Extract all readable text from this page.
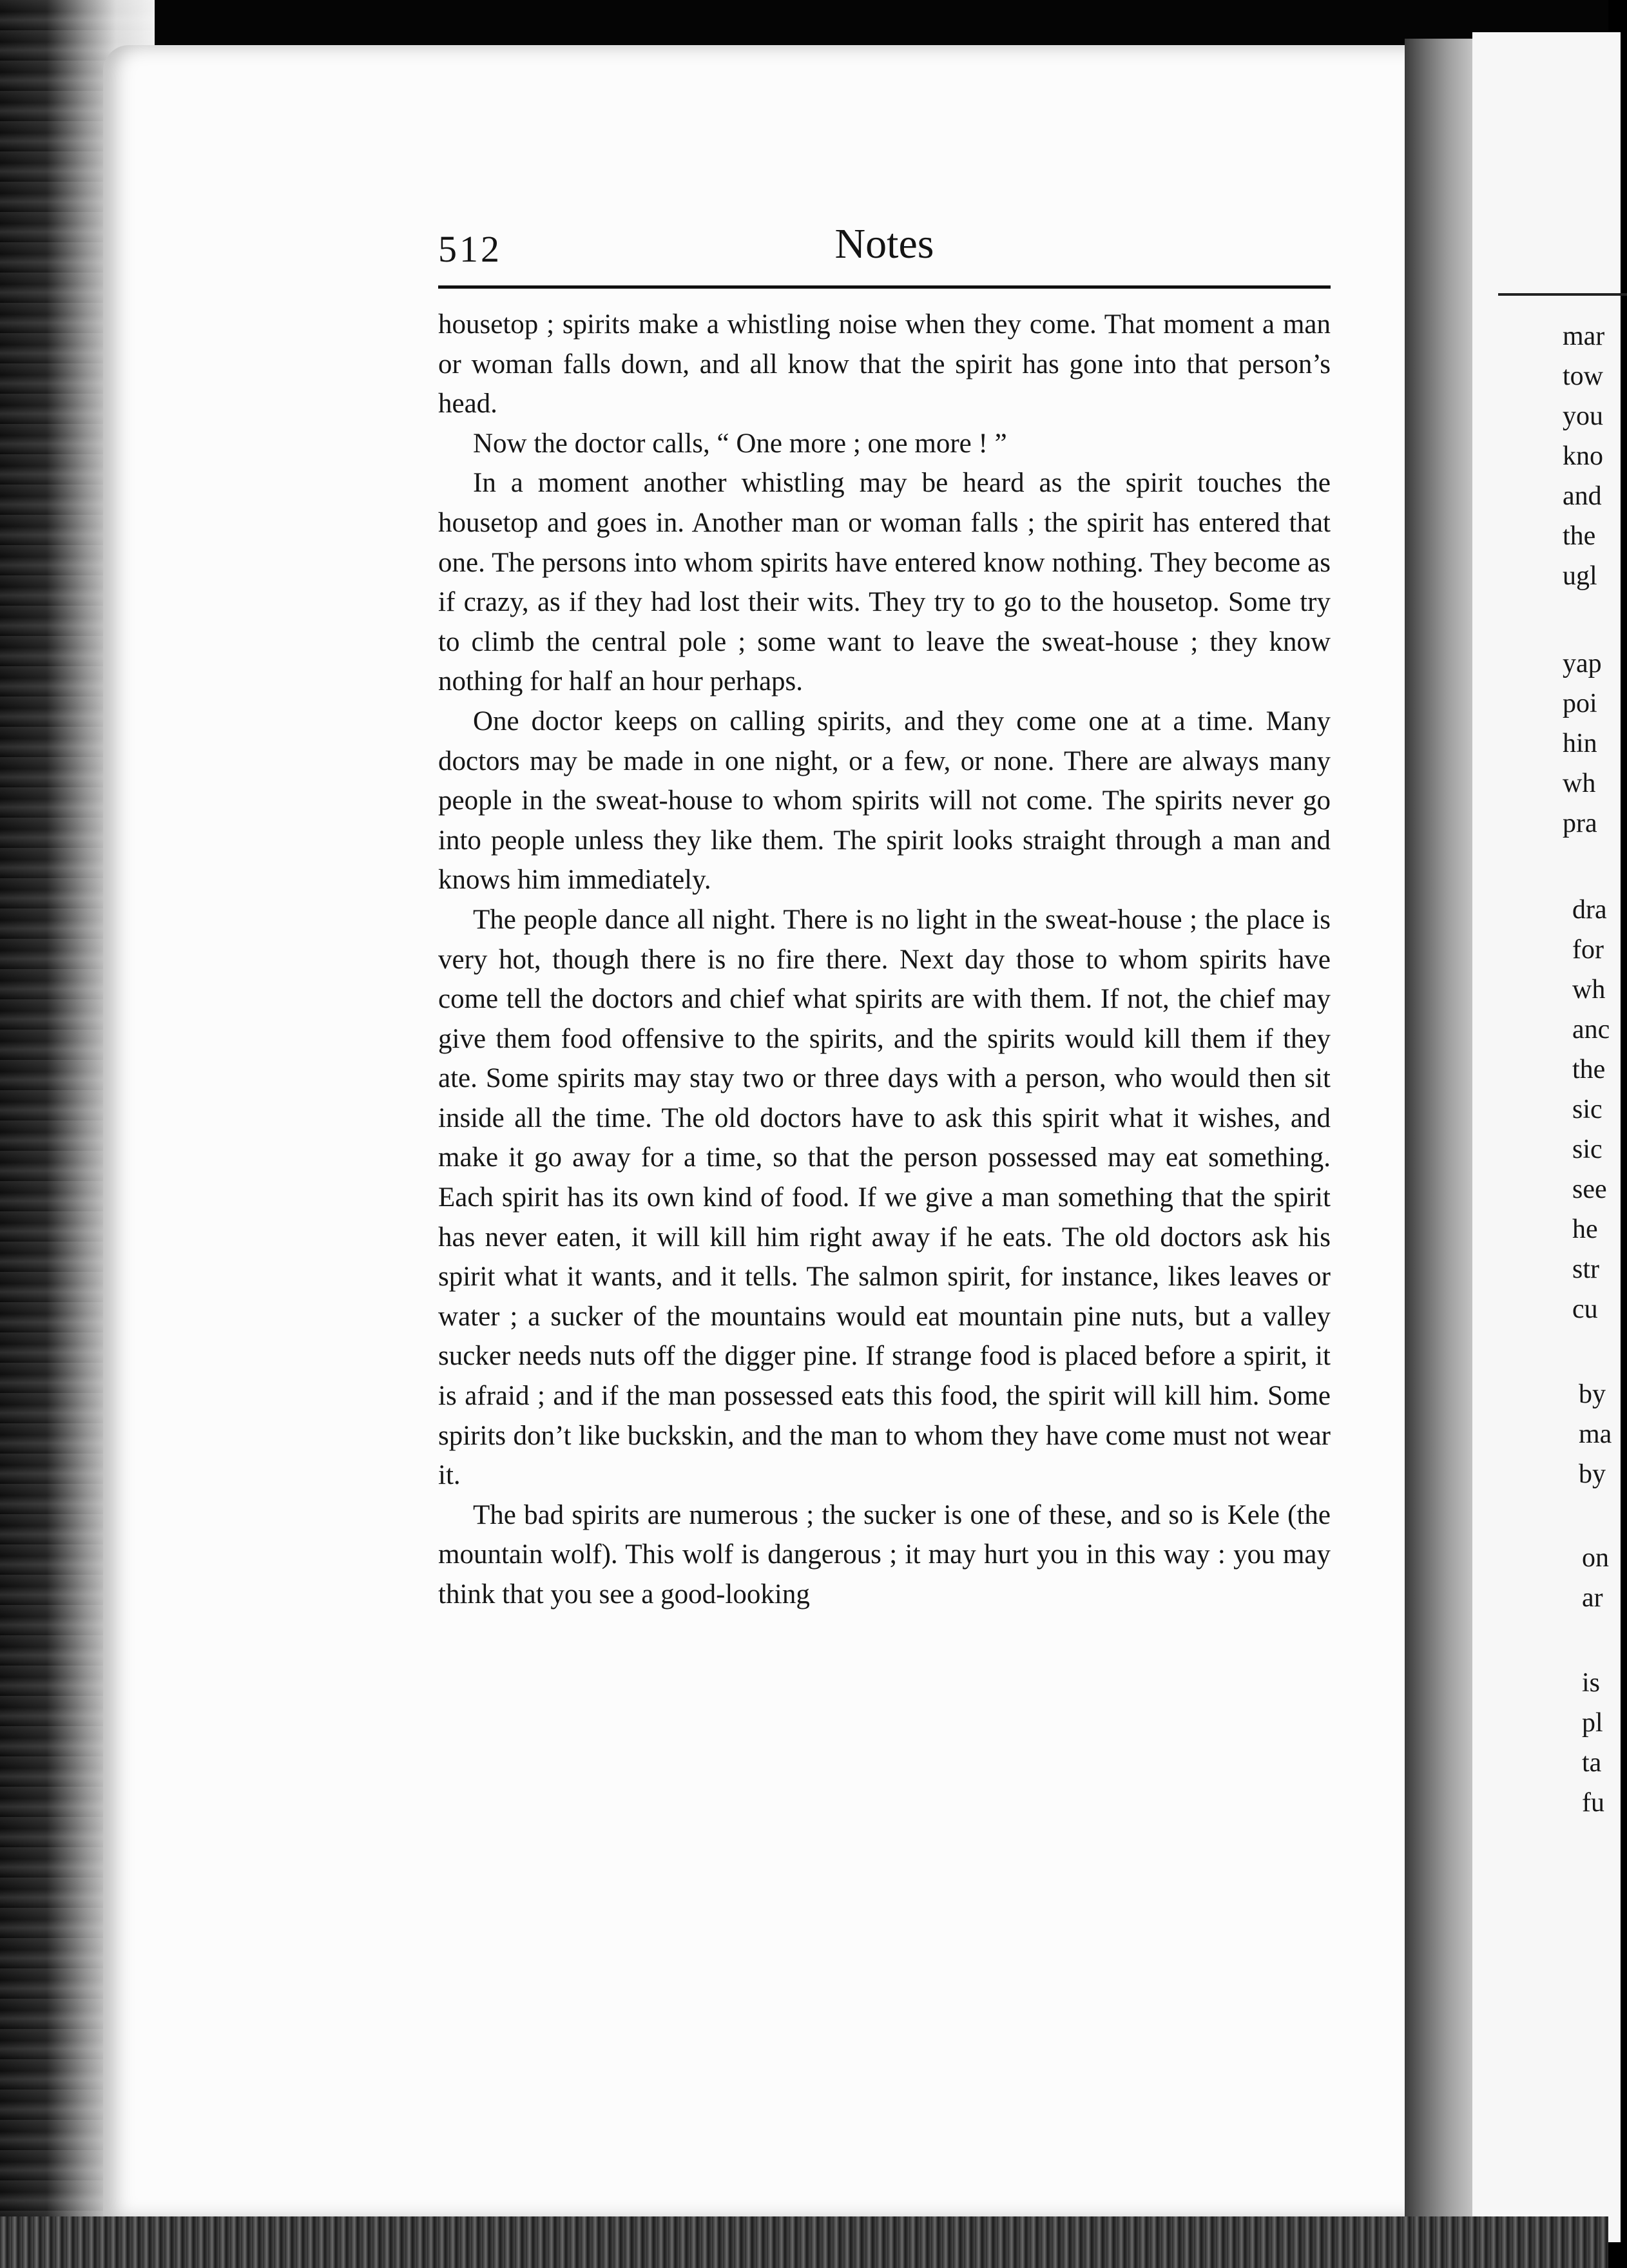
512	Notes

housetop ; spirits make a whistling noise when they come. That moment a man or woman falls down, and all know that the spirit has gone into that person’s head.

Now the doctor calls, “ One more ; one more ! ”

In a moment another whistling may be heard as the spirit touches the housetop and goes in. Another man or woman falls ; the spirit has entered that one. The persons into whom spirits have entered know nothing. They become as if crazy, as if they had lost their wits. They try to go to the housetop. Some try to climb the central pole ; some want to leave the sweat-house ; they know nothing for half an hour perhaps.

One doctor keeps on calling spirits, and they come one at a time. Many doctors may be made in one night, or a few, or none. There are always many people in the sweat-house to whom spirits will not come. The spirits never go into people unless they like them. The spirit looks straight through a man and knows him immediately.

The people dance all night. There is no light in the sweat-house ; the place is very hot, though there is no fire there. Next day those to whom spirits have come tell the doctors and chief what spirits are with them. If not, the chief may give them food offensive to the spirits, and the spirits would kill them if they ate. Some spirits may stay two or three days with a person, who would then sit inside all the time. The old doctors have to ask this spirit what it wishes, and make it go away for a time, so that the person possessed may eat something. Each spirit has its own kind of food. If we give a man something that the spirit has never eaten, it will kill him right away if he eats. The old doctors ask his spirit what it wants, and it tells. The salmon spirit, for instance, likes leaves or water ; a sucker of the mountains would eat mountain pine nuts, but a valley sucker needs nuts off the digger pine. If strange food is placed before a spirit, it is afraid ; and if the man possessed eats this food, the spirit will kill him. Some spirits don’t like buckskin, and the man to whom they have come must not wear it.

The bad spirits are numerous ; the sucker is one of these, and so is Kele (the mountain wolf). This wolf is dangerous ; it may hurt you in this way : you may think that you see a good-looking

mar
tow
you
kno
and
the
ugl
yap
poi
hin
wh
pra
dra
for
wh
anc
the
sic
sic
see
he
str
cu
by
ma
by
on
ar
is
pl
ta
fu
